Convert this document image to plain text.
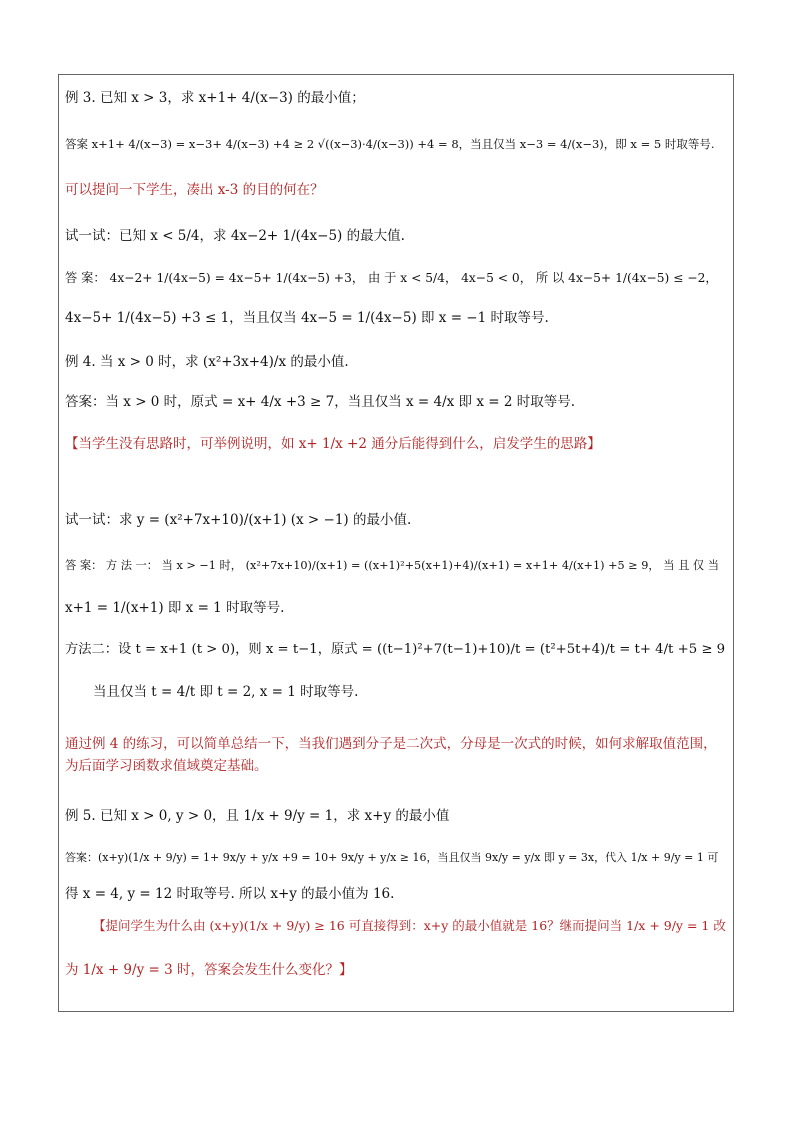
例 3. 已知 x > 3，求 x+1+ 4/(x−3) 的最小值；
答案 x+1+ 4/(x−3) = x−3+ 4/(x−3) +4 ≥ 2 √((x−3)·4/(x−3)) +4 = 8，当且仅当 x−3 = 4/(x−3)，即 x = 5 时取等号.
可以提问一下学生，凑出 x-3 的目的何在？
试一试：已知 x < 5/4，求 4x−2+ 1/(4x−5) 的最大值.
答 案： 4x−2+ 1/(4x−5) = 4x−5+ 1/(4x−5) +3， 由 于 x < 5/4， 4x−5 < 0， 所 以 4x−5+ 1/(4x−5) ≤ −2，
4x−5+ 1/(4x−5) +3 ≤ 1，当且仅当 4x−5 = 1/(4x−5) 即 x = −1 时取等号.
例 4. 当 x > 0 时，求 (x²+3x+4)/x 的最小值.
答案：当 x > 0 时，原式 = x+ 4/x +3 ≥ 7，当且仅当 x = 4/x 即 x = 2 时取等号.
【当学生没有思路时，可举例说明，如 x+ 1/x +2 通分后能得到什么，启发学生的思路】
试一试：求 y = (x²+7x+10)/(x+1) (x > −1) 的最小值.
答 案： 方 法 一： 当 x > −1 时， (x²+7x+10)/(x+1) = ((x+1)²+5(x+1)+4)/(x+1) = x+1+ 4/(x+1) +5 ≥ 9， 当 且 仅 当
x+1 = 1/(x+1) 即 x = 1 时取等号.
方法二：设 t = x+1 (t > 0)，则 x = t−1，原式 = ((t−1)²+7(t−1)+10)/t = (t²+5t+4)/t = t+ 4/t +5 ≥ 9
当且仅当 t = 4/t 即 t = 2, x = 1 时取等号.
通过例 4 的练习，可以简单总结一下，当我们遇到分子是二次式，分母是一次式的时候，如何求解取值范围，
为后面学习函数求值域奠定基础。
例 5. 已知 x > 0, y > 0，且 1/x + 9/y = 1，求 x+y 的最小值
答案：(x+y)(1/x + 9/y) = 1+ 9x/y + y/x +9 = 10+ 9x/y + y/x ≥ 16，当且仅当 9x/y = y/x 即 y = 3x，代入 1/x + 9/y = 1 可
得 x = 4, y = 12 时取等号. 所以 x+y 的最小值为 16.
【提问学生为什么由 (x+y)(1/x + 9/y) ≥ 16 可直接得到：x+y 的最小值就是 16？继而提问当 1/x + 9/y = 1 改
为 1/x + 9/y = 3 时，答案会发生什么变化？】
